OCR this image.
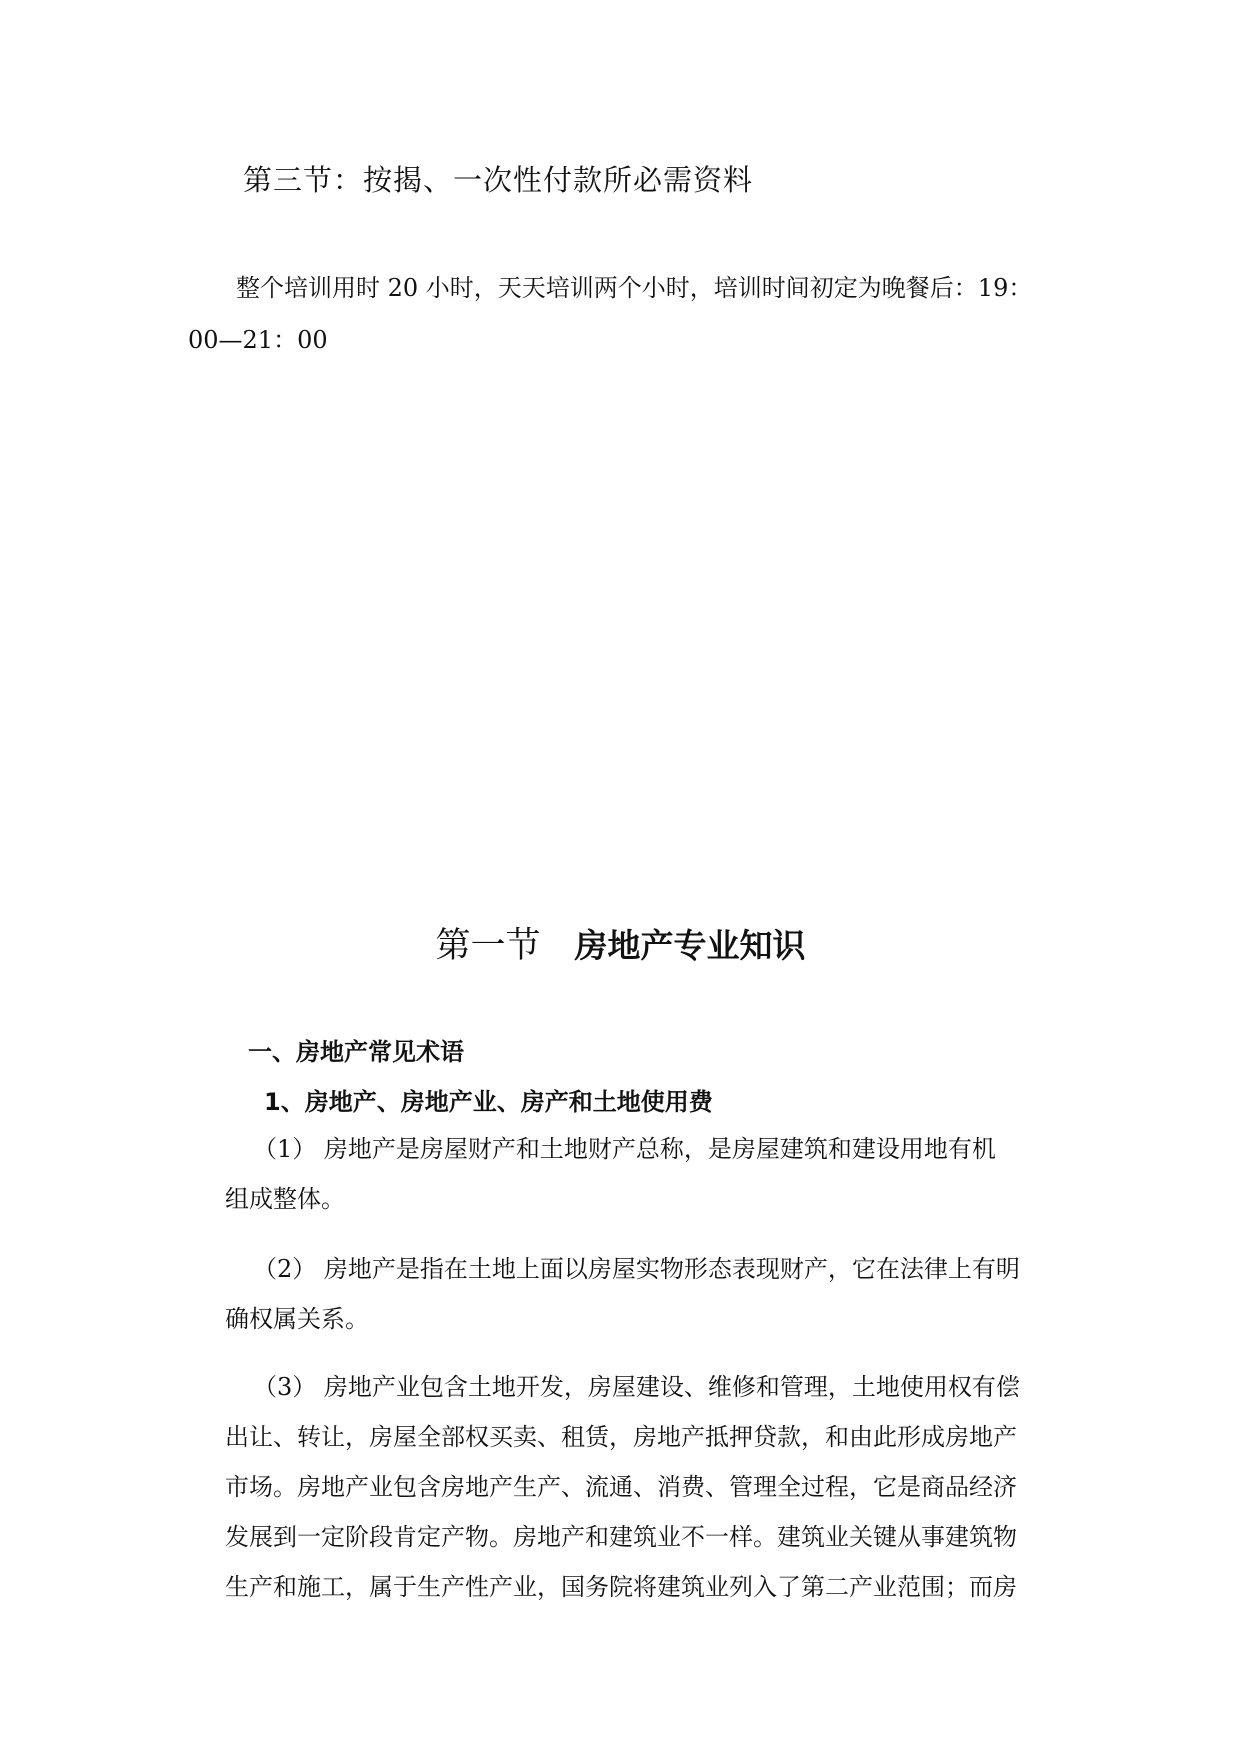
第三节：按揭、一次性付款所必需资料

整个培训用时 20 小时，天天培训两个小时，培训时间初定为晚餐后：19：

00—21：00

第一节 房地产专业知识
一、房地产常见术语
1、房地产、房地产业、房产和土地使用费

（1） 房地产是房屋财产和土地财产总称，是房屋建筑和建设用地有机

组成整体。

（2） 房地产是指在土地上面以房屋实物形态表现财产，它在法律上有明

确权属关系。

（3） 房地产业包含土地开发，房屋建设、维修和管理，土地使用权有偿

出让、转让，房屋全部权买卖、租赁，房地产抵押贷款，和由此形成房地产

市场。房地产业包含房地产生产、流通、消费、管理全过程，它是商品经济

发展到一定阶段肯定产物。房地产和建筑业不一样。建筑业关键从事建筑物

生产和施工，属于生产性产业，国务院将建筑业列入了第二产业范围；而房
